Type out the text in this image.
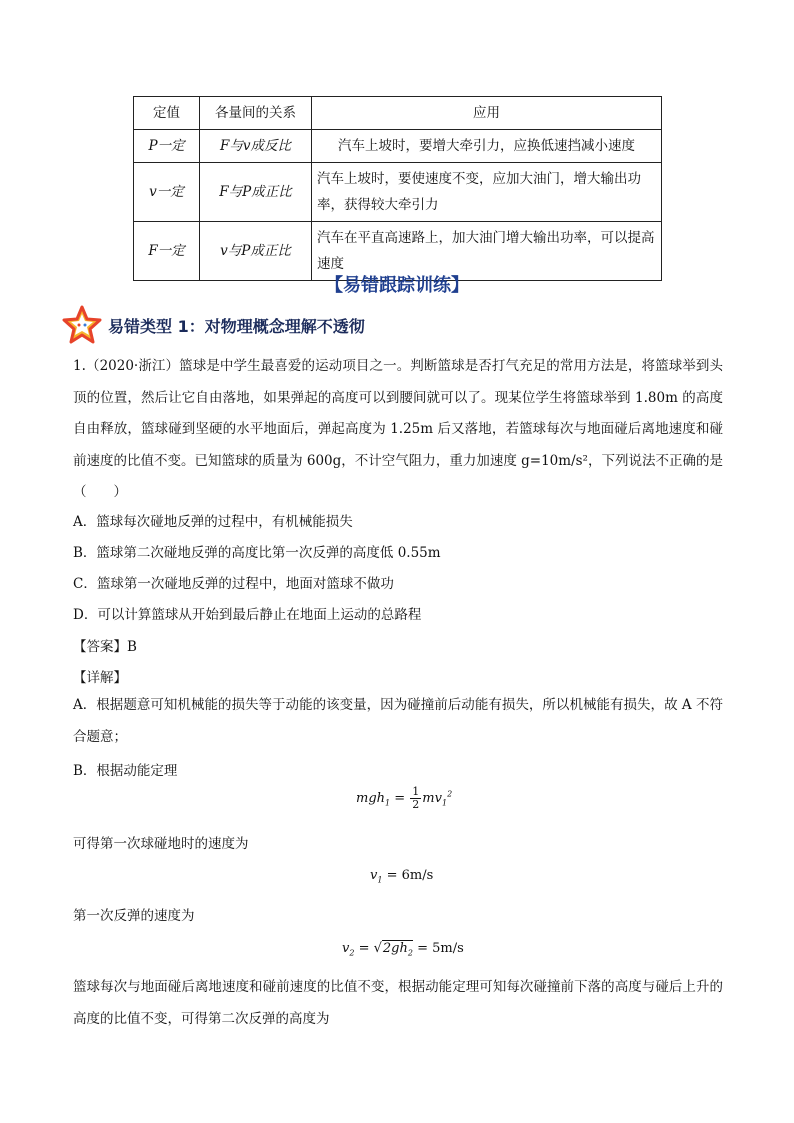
定值	各量间的关系	应用
P一定	F与v成反比	汽车上坡时，要增大牵引力，应换低速挡减小速度
v一定	F与P成正比	汽车上坡时，要使速度不变，应加大油门，增大输出功率，获得较大牵引力
F一定	v与P成正比	汽车在平直高速路上，加大油门增大输出功率，可以提高速度
【易错跟踪训练】
易错类型 1：对物理概念理解不透彻

1.（2020·浙江）篮球是中学生最喜爱的运动项目之一。判断篮球是否打气充足的常用方法是，将篮球举到头顶的位置，然后让它自由落地，如果弹起的高度可以到腰间就可以了。现某位学生将篮球举到 1.80m 的高度自由释放，篮球碰到坚硬的水平地面后，弹起高度为 1.25m 后又落地，若篮球每次与地面碰后离地速度和碰前速度的比值不变。已知篮球的质量为 600g，不计空气阻力，重力加速度 g=10m/s²，下列说法不正确的是（　　）

A．篮球每次碰地反弹的过程中，有机械能损失
B．篮球第二次碰地反弹的高度比第一次反弹的高度低 0.55m
C．篮球第一次碰地反弹的过程中，地面对篮球不做功
D．可以计算篮球从开始到最后静止在地面上运动的总路程
【答案】B
【详解】

A．根据题意可知机械能的损失等于动能的该变量，因为碰撞前后动能有损失，所以机械能有损失，故 A 不符合题意；

B．根据动能定理
$mgh_1 = \frac{1}{2} mv_1^2$
可得第一次球碰地时的速度为
$v_1 = 6m/s$
第一次反弹的速度为
$v_2 = √2gh_2 = 5m/s$

篮球每次与地面碰后离地速度和碰前速度的比值不变，根据动能定理可知每次碰撞前下落的高度与碰后上升的高度的比值不变，可得第二次反弹的高度为
